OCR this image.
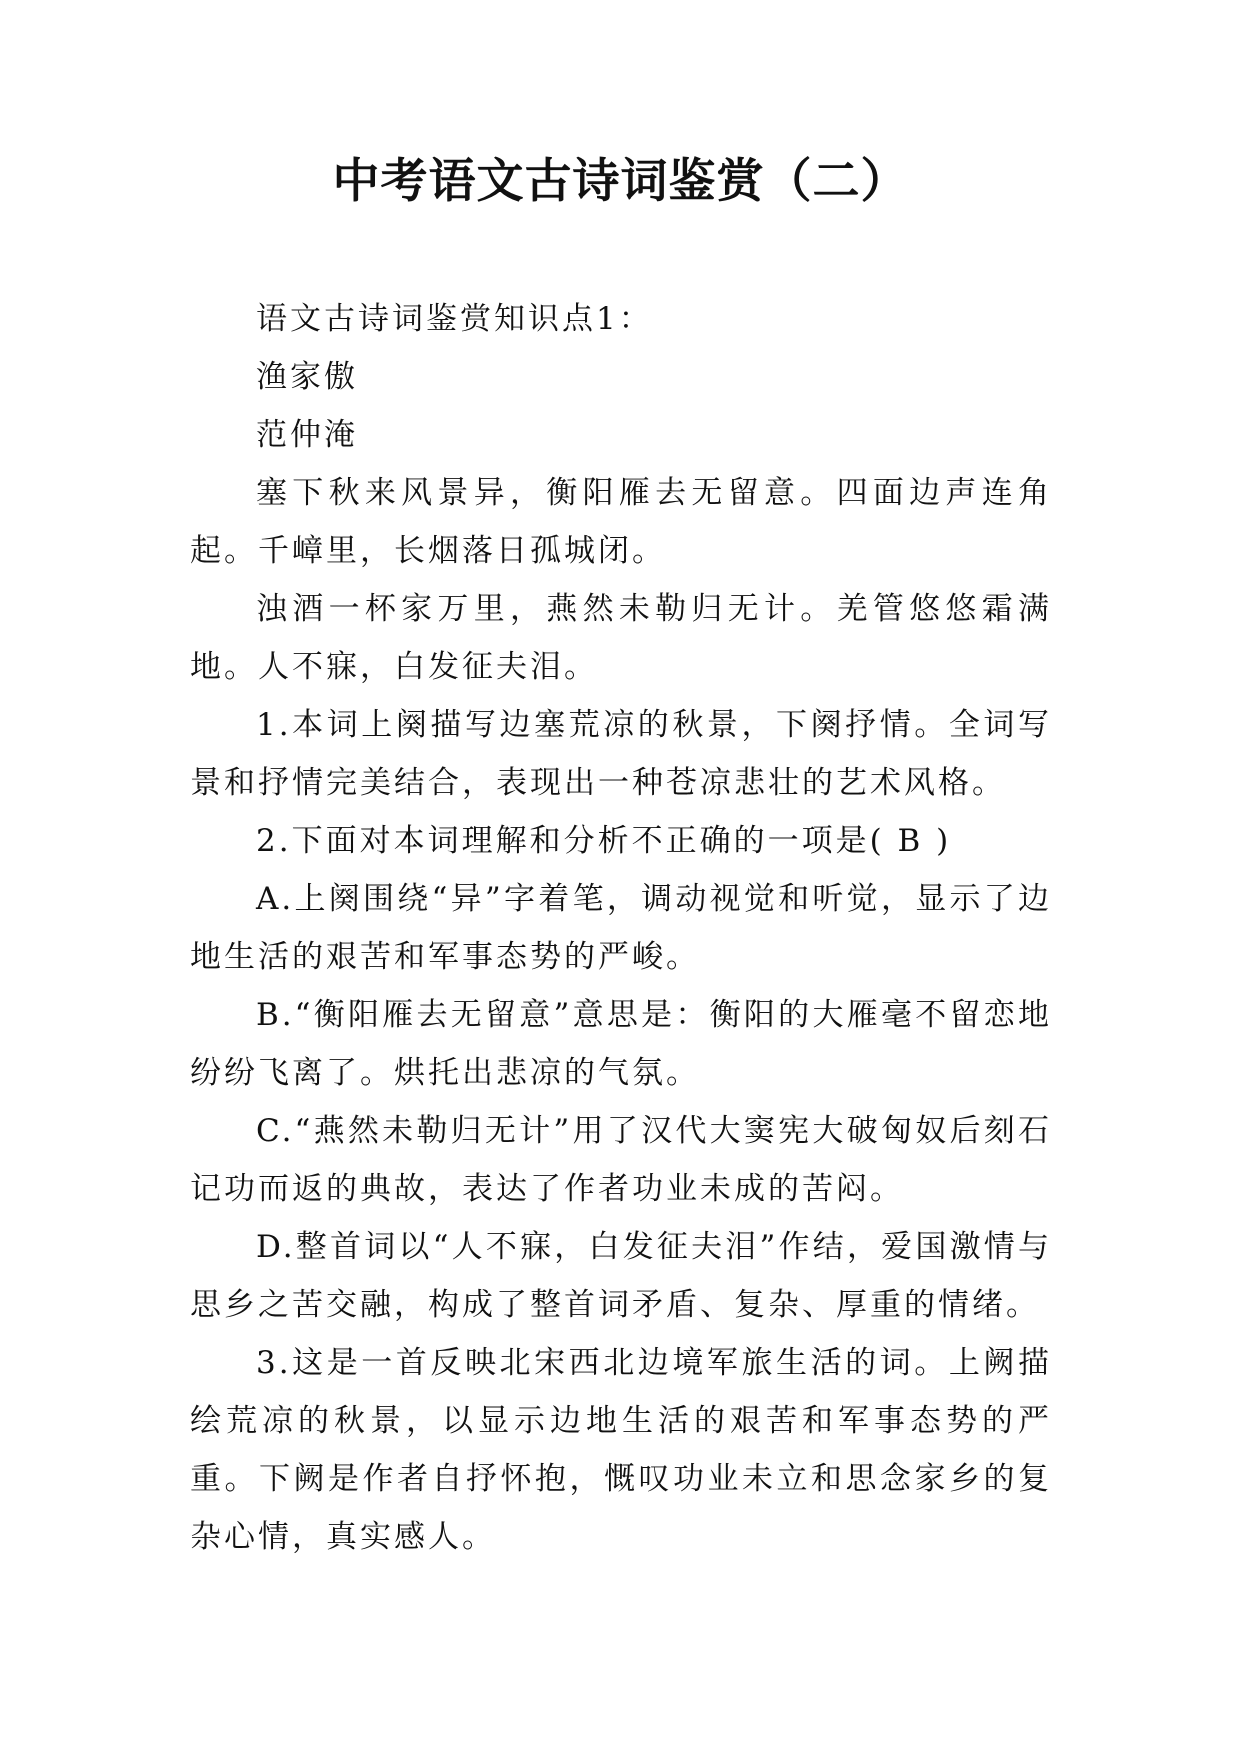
中考语文古诗词鉴赏（二）

语文古诗词鉴赏知识点1：

渔家傲

范仲淹

塞下秋来风景异，衡阳雁去无留意。四面边声连角起。千嶂里，长烟落日孤城闭。

浊酒一杯家万里，燕然未勒归无计。羌管悠悠霜满地。人不寐，白发征夫泪。

1.本词上阕描写边塞荒凉的秋景，下阕抒情。全词写景和抒情完美结合，表现出一种苍凉悲壮的艺术风格。

2.下面对本词理解和分析不正确的一项是( B )

A.上阕围绕“异”字着笔，调动视觉和听觉，显示了边地生活的艰苦和军事态势的严峻。

B.“衡阳雁去无留意”意思是：衡阳的大雁毫不留恋地纷纷飞离了。烘托出悲凉的气氛。

C.“燕然未勒归无计”用了汉代大窦宪大破匈奴后刻石记功而返的典故，表达了作者功业未成的苦闷。

D.整首词以“人不寐，白发征夫泪”作结，爱国激情与思乡之苦交融，构成了整首词矛盾、复杂、厚重的情绪。

3.这是一首反映北宋西北边境军旅生活的词。上阙描绘荒凉的秋景，以显示边地生活的艰苦和军事态势的严重。下阙是作者自抒怀抱，慨叹功业未立和思念家乡的复杂心情，真实感人。
